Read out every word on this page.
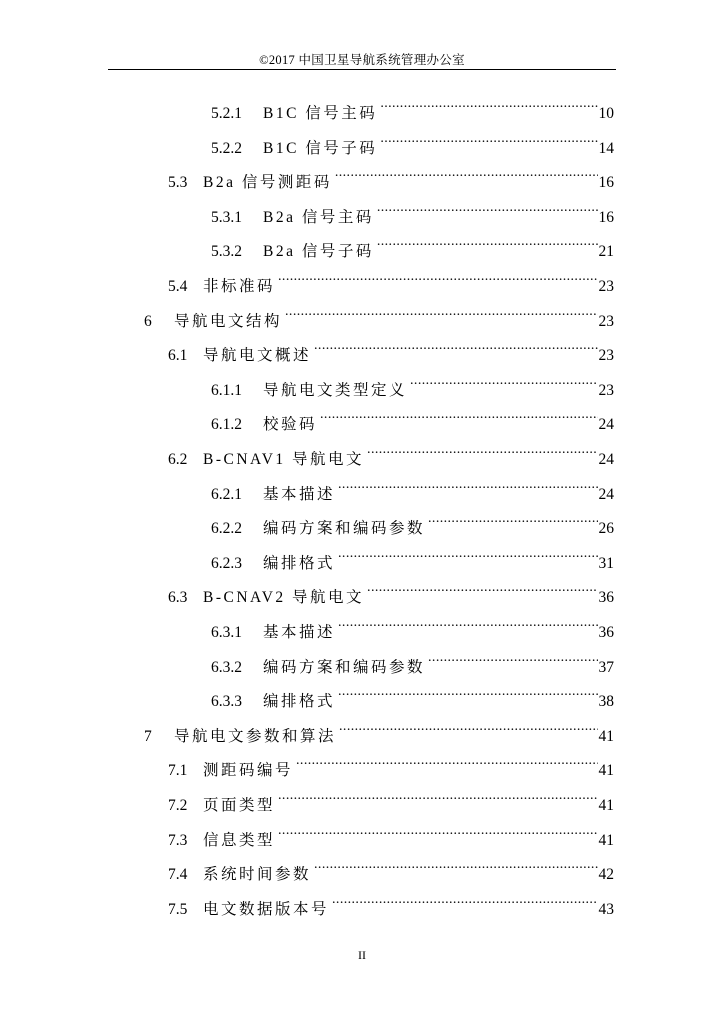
©2017 中国卫星导航系统管理办公室
5.2.1	B1C 信号主码 .....	10
5.2.2	B1C 信号子码 .....	14
5.3	B2a 信号测距码 .....	16
5.3.1	B2a 信号主码 .....	16
5.3.2	B2a 信号子码 .....	21
5.4	非标准码 .....	23
6	导航电文结构 .....	23
6.1	导航电文概述 .....	23
6.1.1	导航电文类型定义 .....	23
6.1.2	校验码 .....	24
6.2	B-CNAV1 导航电文 .....	24
6.2.1	基本描述 .....	24
6.2.2	编码方案和编码参数 .....	26
6.2.3	编排格式 .....	31
6.3	B-CNAV2 导航电文 .....	36
6.3.1	基本描述 .....	36
6.3.2	编码方案和编码参数 .....	37
6.3.3	编排格式 .....	38
7	导航电文参数和算法 .....	41
7.1	测距码编号 .....	41
7.2	页面类型 .....	41
7.3	信息类型 .....	41
7.4	系统时间参数 .....	42
7.5	电文数据版本号 .....	43
II
